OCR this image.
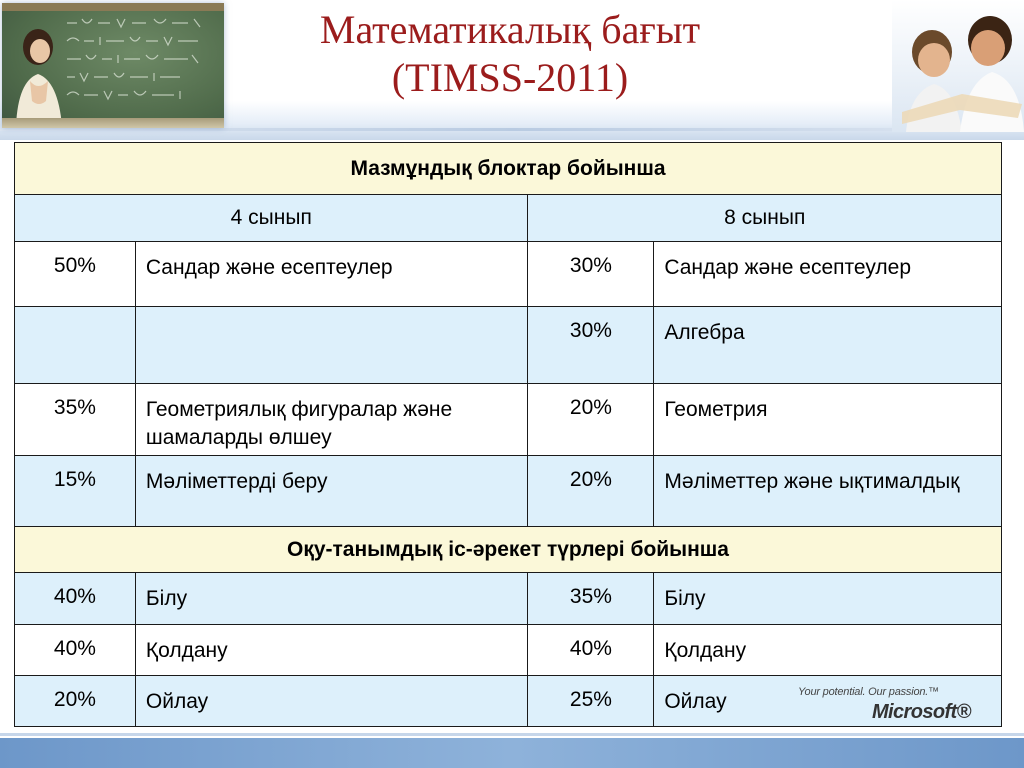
Математикалық бағыт
(TIMSS-2011)
Мазмұндық блоктар бойынша			
4 сынып		8 сынып	
50%	Сандар және есептеулер	30%	Сандар және есептеулер
		30%	Алгебра
35%	Геометриялық фигуралар және шамаларды өлшеу	20%	Геометрия
15%	Мәліметтерді беру	20%	Мәліметтер және ықтималдық
Оқу-танымдық іс-әрекет түрлері бойынша			
40%	Білу	35%	Білу
40%	Қолдану	40%	Қолдану
20%	Ойлау	25%	Ойлау	Your potential. Our passion.™
Microsoft®
